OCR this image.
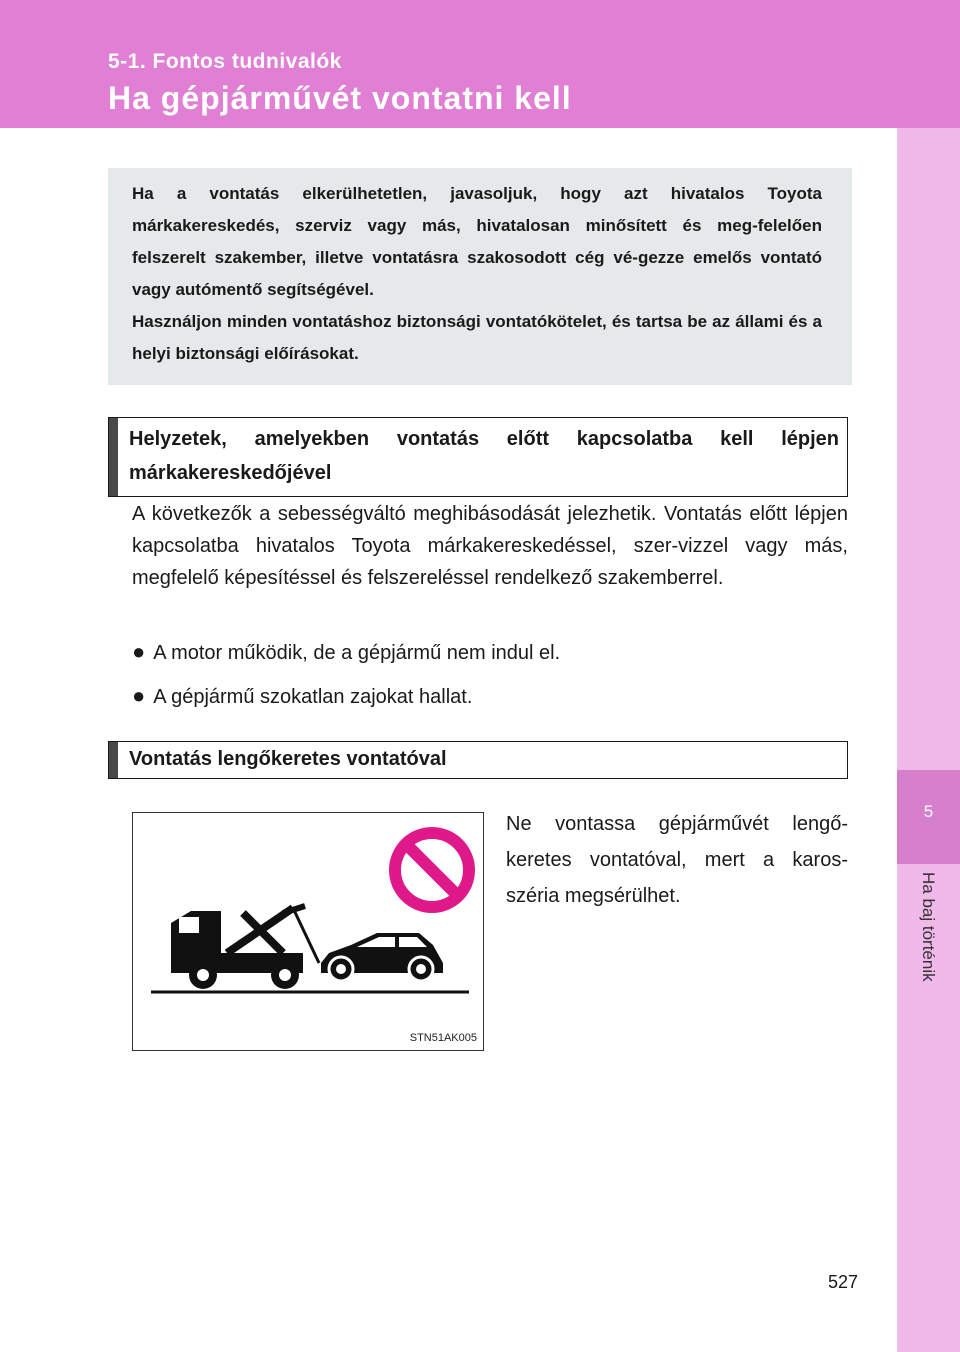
5-1. Fontos tudnivalók
Ha gépjárművét vontatni kell
5
Ha baj történik

Ha a vontatás elkerülhetetlen, javasoljuk, hogy azt hivatalos Toyota márkakereskedés, szerviz vagy más, hivatalosan minősített és meg-felelően felszerelt szakember, illetve vontatásra szakosodott cég vé-gezze emelős vontató vagy autómentő segítségével.

Használjon minden vontatáshoz biztonsági vontatókötelet, és tartsa be az állami és a helyi biztonsági előírásokat.

Helyzetek, amelyekben vontatás előtt kapcsolatba kell lépjen márkakereskedőjével

A következők a sebességváltó meghibásodását jelezhetik. Vontatás előtt lépjen kapcsolatba hivatalos Toyota márkakereskedéssel, szer-vizzel vagy más, megfelelő képesítéssel és felszereléssel rendelkező szakemberrel.

● A motor működik, de a gépjármű nem indul el.
● A gépjármű szokatlan zajokat hallat.
Vontatás lengőkeretes vontatóval
STN51AK005

Ne vontassa gépjárművét lengő-keretes vontatóval, mert a karos-széria megsérülhet.

527
